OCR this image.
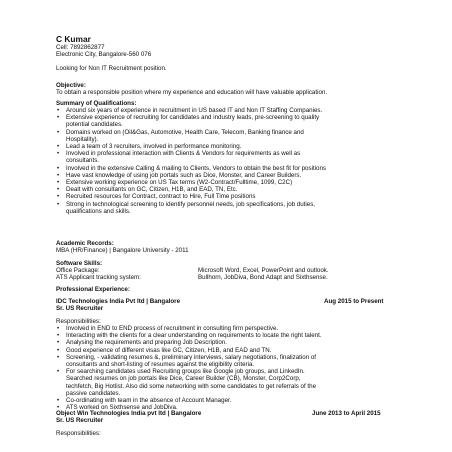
C Kumar
Cell: 7892862877
Electronic City, Bangalore-560 076
Looking for Non IT Recruitment position.
Objective:
To obtain a responsible position where my experience and education will have valuable application.
Summary of Qualifications:
• Around six years of experience in recruitment in US based IT and Non IT Staffing Companies.
• Extensive experience of recruiting for candidates and industry leads, pre-screening to quality
potential candidates.
• Domains worked on (Oil&Gas, Automotive, Health Care, Telecom, Banking finance and
Hospitality).
• Lead a team of 3 recruiters, involved in performance monitoring.
• Involved in professional interaction with Clients & Vendors for requirements as well as
consultants.
• Involved in the extensive Calling & mailing to Clients, Vendors to obtain the best fit for positions
• Have vast knowledge of using job portals such as Dice, Monster, and Career Builders.
• Extensive working experience on US Tax terms (W2-Contract/Fulltime, 1099, C2C)
• Dealt with consultants on GC, Citizen, H1B, and EAD, TN, Etc.
• Recruited resources for Contract, contract to Hire, Full Time positions
• Strong in technological screening to identify personnel needs, job specifications, job duties,
qualifications and skills.
Academic Records:
MBA (HR/Finance) | Bangalore University - 2011
Software Skills:
Office Package:	Microsoft Word, Excel, PowerPoint and outlook.
ATS Applicant tracking system:	Bullhorn, JobDiva, Bond Adapt and Sixthsense.
Professional Experience:
IDC Technologies India Pvt ltd | Bangalore	Aug 2015 to Present
Sr. US Recruiter
Responsibilities:
• Involved in END to END process of recruitment in consulting firm perspective.
• Interacting with the clients for a clear understanding on requirements to locate the right talent.
• Analysing the requirements and preparing Job Description.
• Good experience of different visas like GC, Citizen, H1B, and EAD and TN.
• Screening, - validating resumes &, preliminary interviews, salary negotiations, finalization of
consultants and short-listing of resumes against the eligibility criteria.
• For searching candidates used Recruiting groups like Google job groups, and LinkedIn.
Searched resumes on job portals like Dice, Career Builder (CB), Monster, Corp2Corp,
techfetch, Big Hotlist. Also did some networking with some candidates to get referrals of the
passive candidates.
• Co-ordinating with team in the absence of Account Manager.
• ATS worked on Sixthsense and JobDiva.
Object Win Technologies India pvt ltd | Bangalore	June 2013 to April 2015
Sr. US Recruiter
Responsibilities:
